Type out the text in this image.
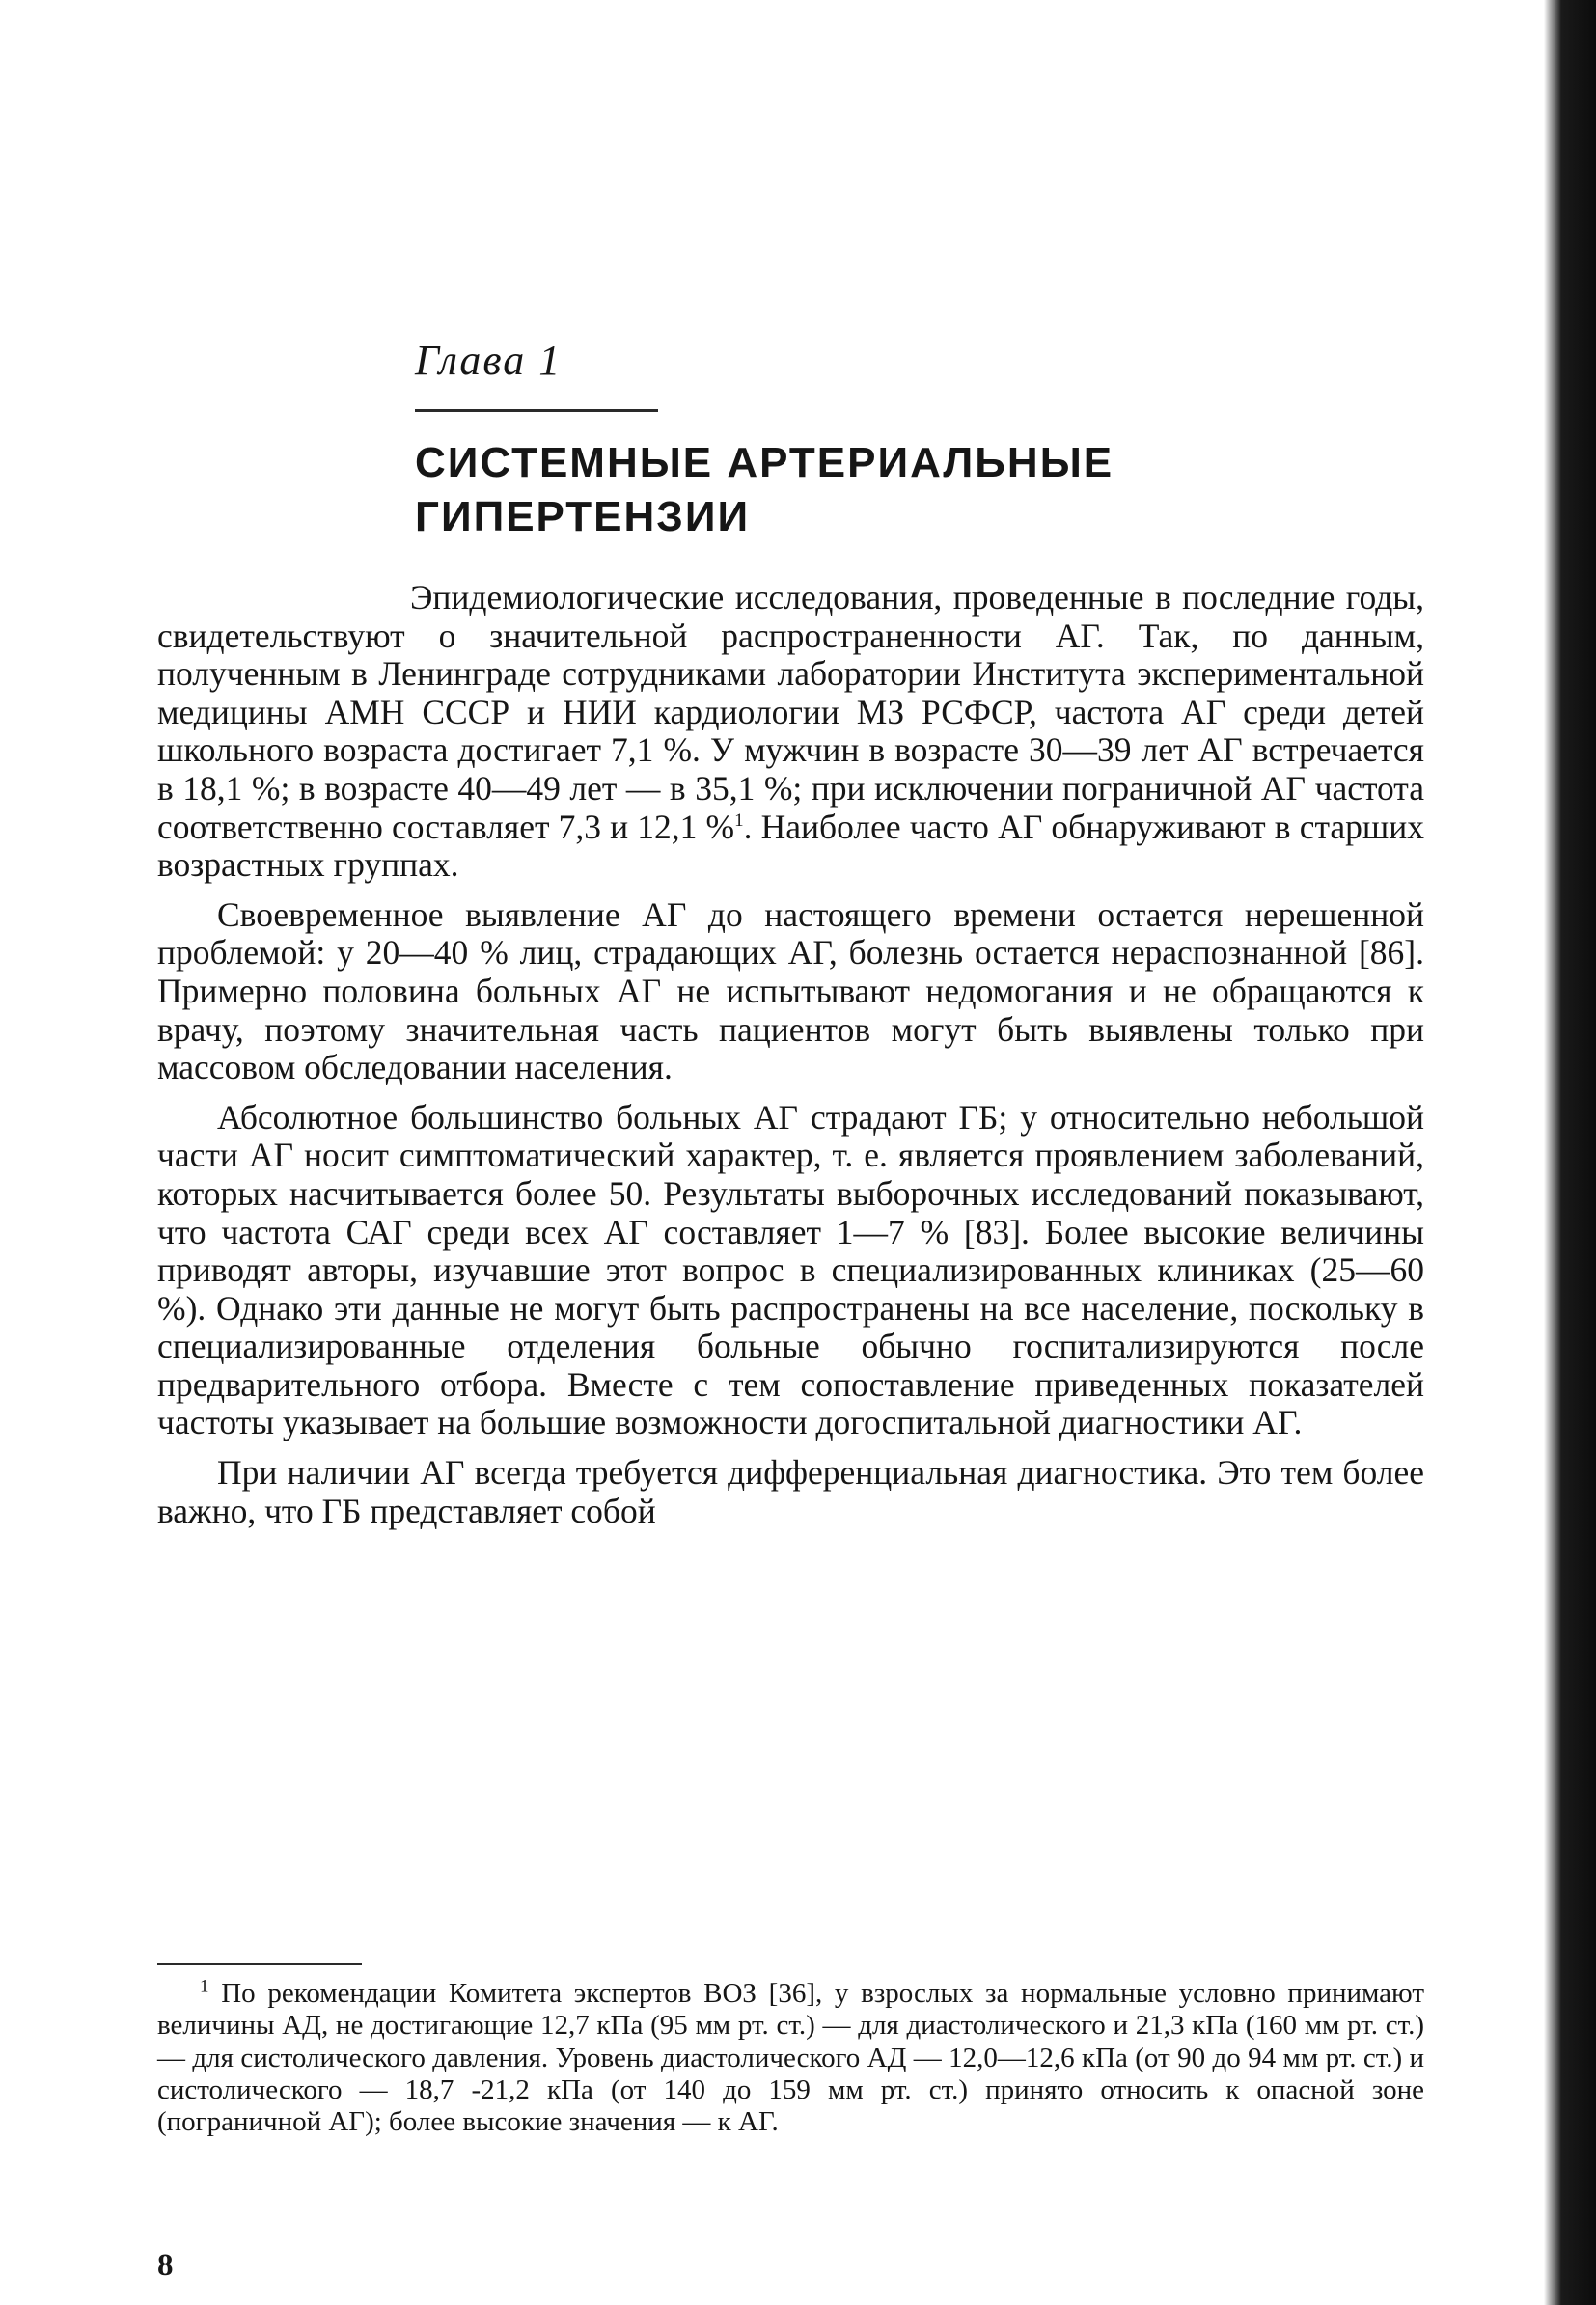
Глава 1
СИСТЕМНЫЕ АРТЕРИАЛЬНЫЕ
ГИПЕРТЕНЗИИ

Эпидемиологические исследования, проведенные в последние годы, свидетельствуют о значительной распространенности АГ. Так, по данным, полученным в Ленинграде сотрудниками лаборатории Института экспериментальной медицины АМН СССР и НИИ кардиологии МЗ РСФСР, частота АГ среди детей школьного возраста достигает 7,1 %. У мужчин в возрасте 30—39 лет АГ встречается в 18,1 %; в возрасте 40—49 лет — в 35,1 %; при исключении пограничной АГ частота соответственно составляет 7,3 и 12,1 %$^1$. Наиболее часто АГ обнаруживают в старших возрастных группах.

Своевременное выявление АГ до настоящего времени остается нерешенной проблемой: у 20—40 % лиц, страдающих АГ, болезнь остается нераспознанной [86]. Примерно половина больных АГ не испытывают недомогания и не обращаются к врачу, поэтому значительная часть пациентов могут быть выявлены только при массовом обследовании населения.

Абсолютное большинство больных АГ страдают ГБ; у относительно небольшой части АГ носит симптоматический характер, т. е. является проявлением заболеваний, которых насчитывается более 50. Результаты выборочных исследований показывают, что частота САГ среди всех АГ составляет 1—7 % [83]. Более высокие величины приводят авторы, изучавшие этот вопрос в специализированных клиниках (25—60 %). Однако эти данные не могут быть распространены на все население, поскольку в специализированные отделения больные обычно госпитализируются после предварительного отбора. Вместе с тем сопоставление приведенных показателей частоты указывает на большие возможности догоспитальной диагностики АГ.

При наличии АГ всегда требуется дифференциальная диагностика. Это тем более важно, что ГБ представляет собой

$^1$ По рекомендации Комитета экспертов ВОЗ [36], у взрослых за нормальные условно принимают величины АД, не достигающие 12,7 кПа (95 мм рт. ст.) — для диастолического и 21,3 кПа (160 мм рт. ст.) — для систолического давления. Уровень диастолического АД — 12,0—12,6 кПа (от 90 до 94 мм рт. ст.) и систолического — 18,7 -21,2 кПа (от 140 до 159 мм рт. ст.) принято относить к опасной зоне (пограничной АГ); более высокие значения — к АГ.

8
